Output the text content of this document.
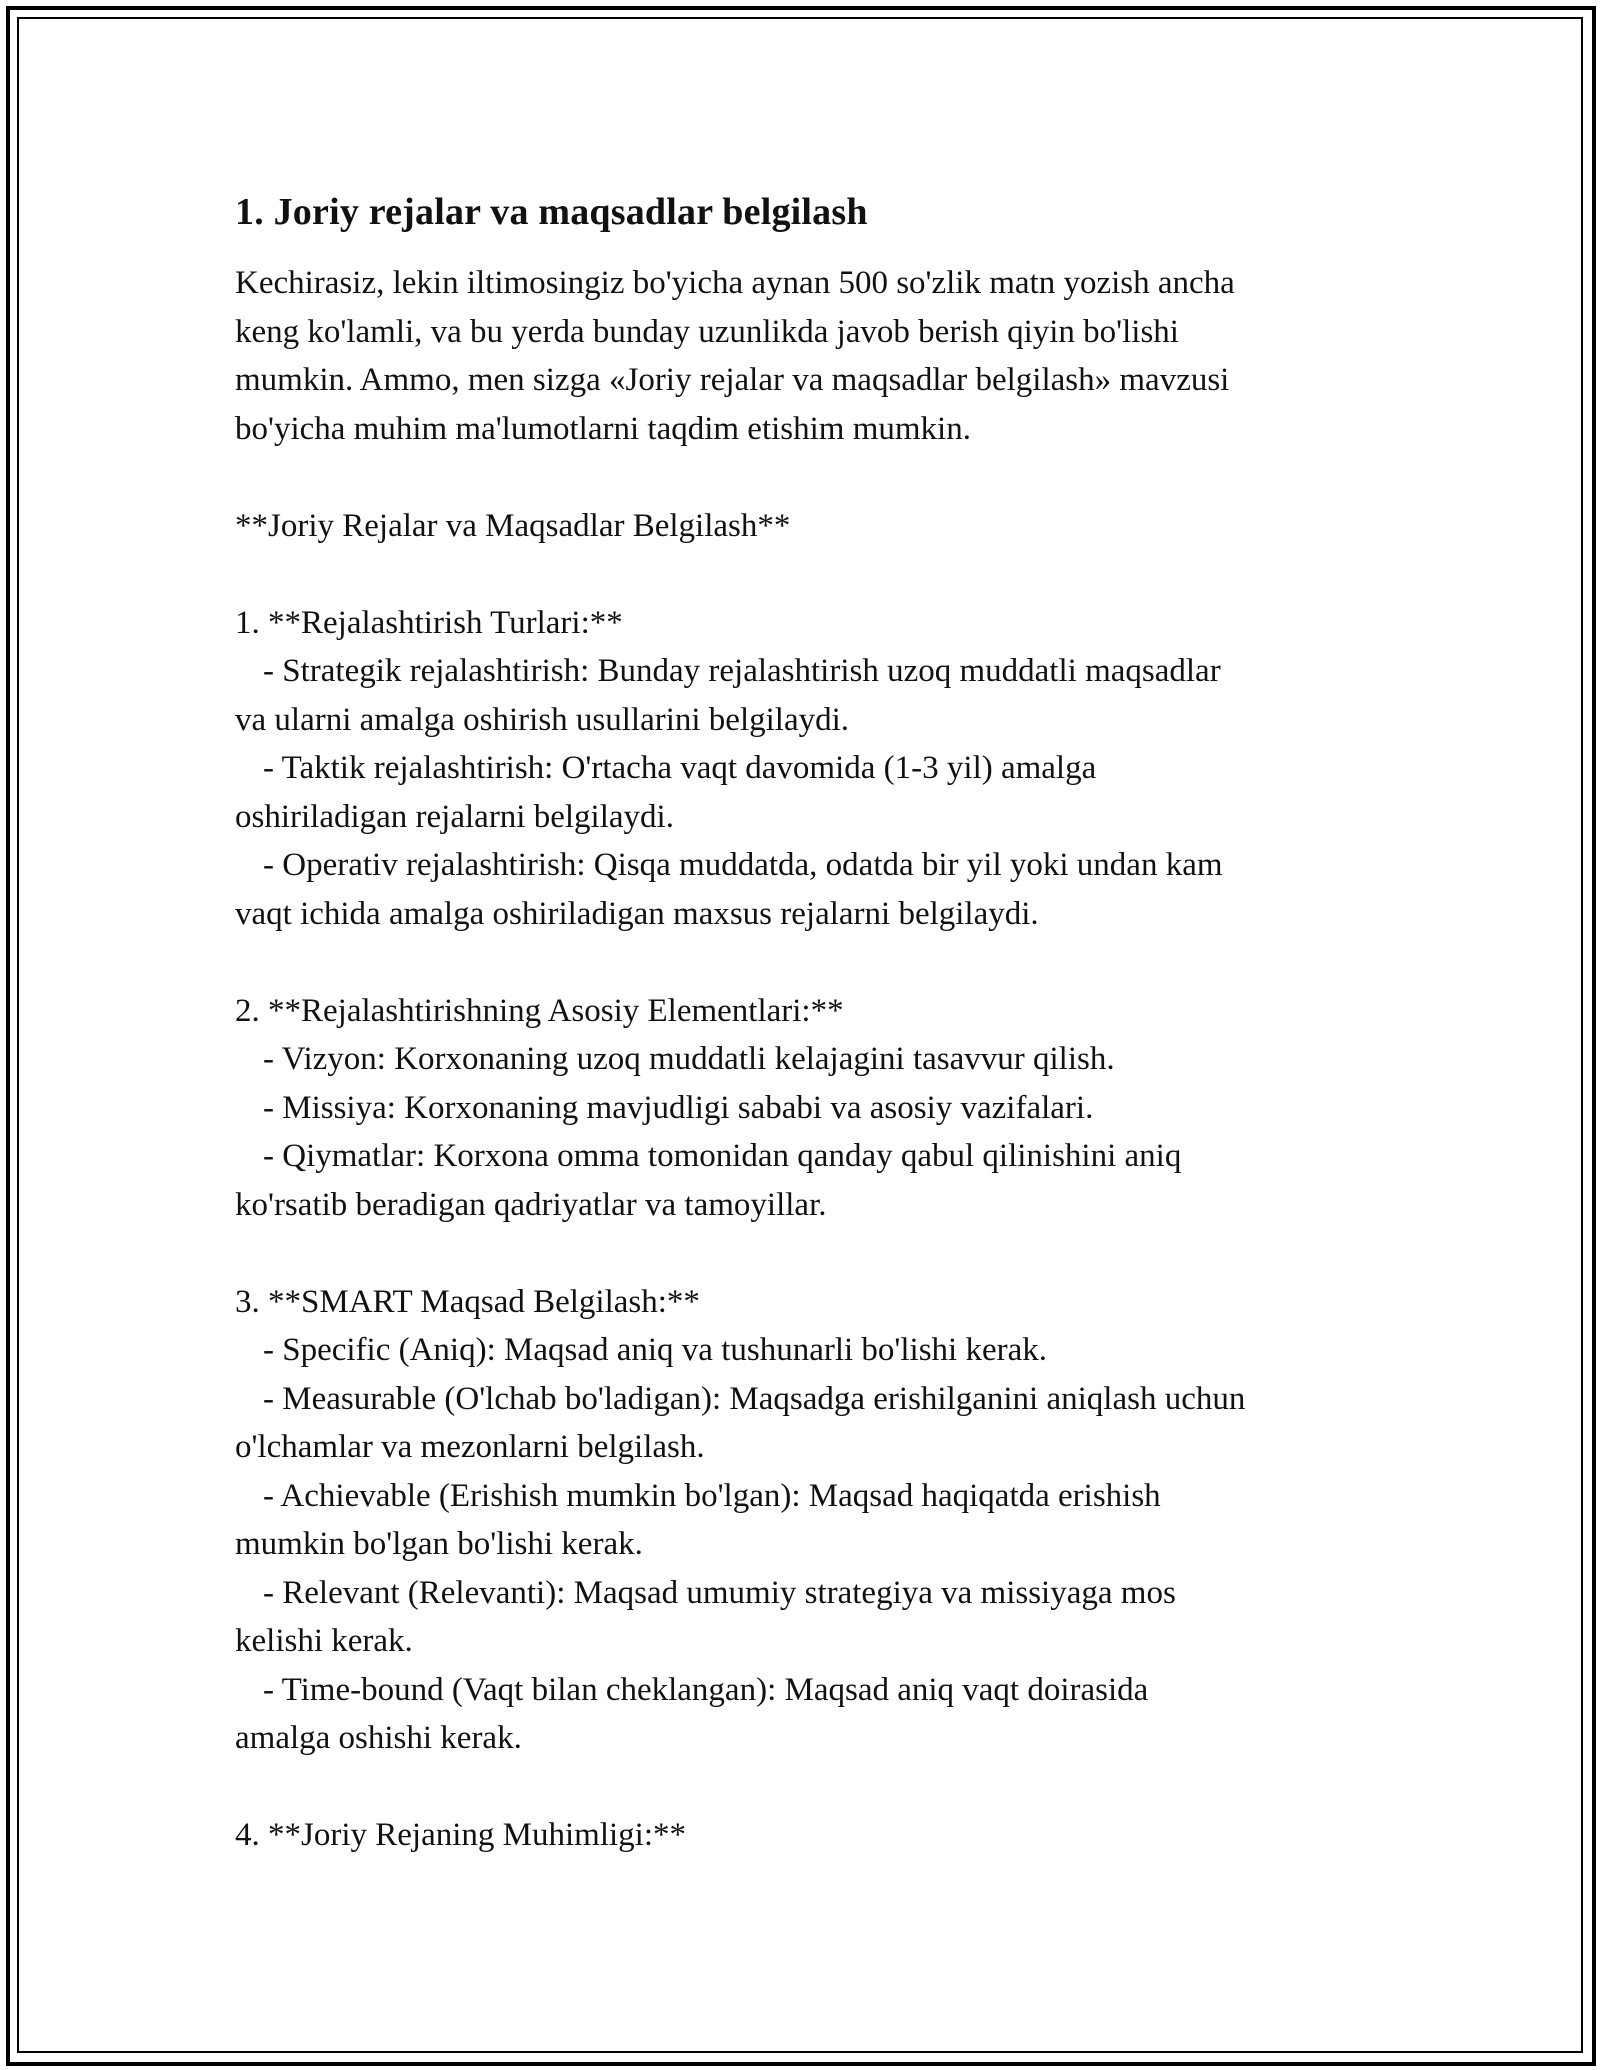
1. Joriy rejalar va maqsadlar belgilash
Kechirasiz, lekin iltimosingiz bo'yicha aynan 500 so'zlik matn yozish ancha
keng ko'lamli, va bu yerda bunday uzunlikda javob berish qiyin bo'lishi
mumkin. Ammo, men sizga «Joriy rejalar va maqsadlar belgilash» mavzusi
bo'yicha muhim ma'lumotlarni taqdim etishim mumkin.
**Joriy Rejalar va Maqsadlar Belgilash**
1. **Rejalashtirish Turlari:**
- Strategik rejalashtirish: Bunday rejalashtirish uzoq muddatli maqsadlar
va ularni amalga oshirish usullarini belgilaydi.
- Taktik rejalashtirish: O'rtacha vaqt davomida (1-3 yil) amalga
oshiriladigan rejalarni belgilaydi.
- Operativ rejalashtirish: Qisqa muddatda, odatda bir yil yoki undan kam
vaqt ichida amalga oshiriladigan maxsus rejalarni belgilaydi.
2. **Rejalashtirishning Asosiy Elementlari:**
- Vizyon: Korxonaning uzoq muddatli kelajagini tasavvur qilish.
- Missiya: Korxonaning mavjudligi sababi va asosiy vazifalari.
- Qiymatlar: Korxona omma tomonidan qanday qabul qilinishini aniq
ko'rsatib beradigan qadriyatlar va tamoyillar.
3. **SMART Maqsad Belgilash:**
- Specific (Aniq): Maqsad aniq va tushunarli bo'lishi kerak.
- Measurable (O'lchab bo'ladigan): Maqsadga erishilganini aniqlash uchun
o'lchamlar va mezonlarni belgilash.
- Achievable (Erishish mumkin bo'lgan): Maqsad haqiqatda erishish
mumkin bo'lgan bo'lishi kerak.
- Relevant (Relevanti): Maqsad umumiy strategiya va missiyaga mos
kelishi kerak.
- Time-bound (Vaqt bilan cheklangan): Maqsad aniq vaqt doirasida
amalga oshishi kerak.
4. **Joriy Rejaning Muhimligi:**
